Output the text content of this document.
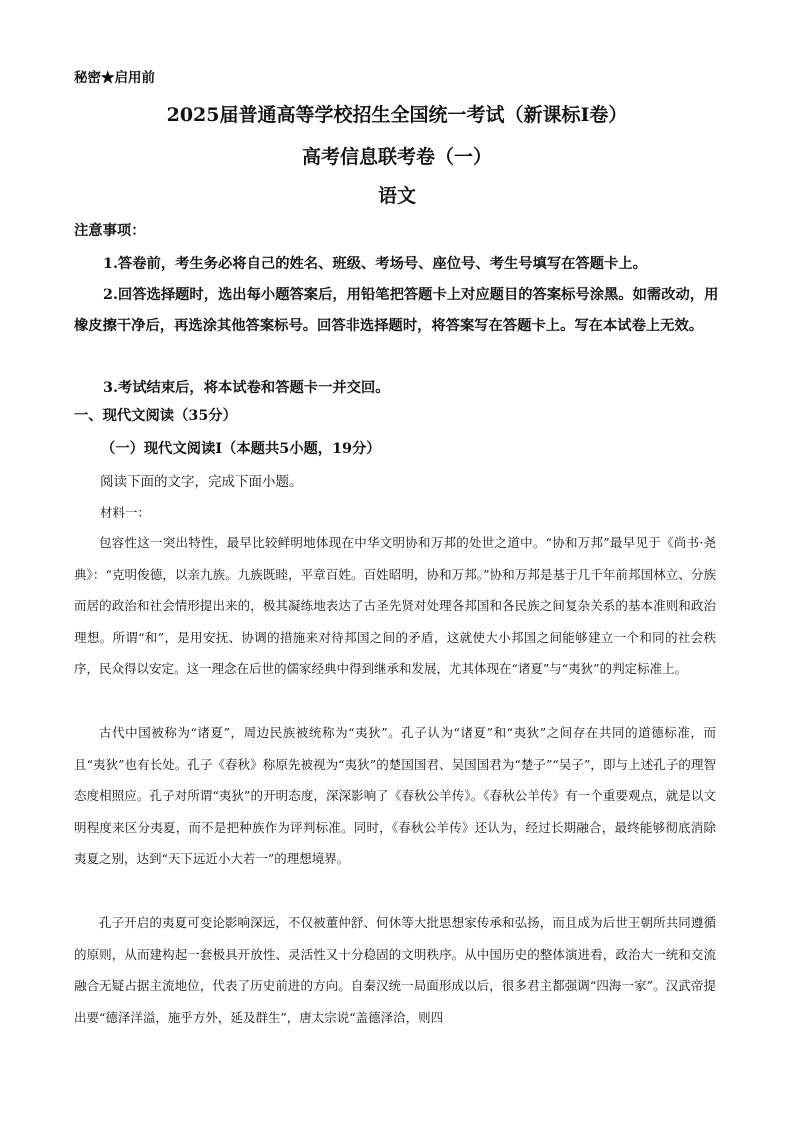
秘密★启用前
2025届普通高等学校招生全国统一考试（新课标Ⅰ卷）
高考信息联考卷（一）
语文
注意事项：

1.答卷前，考生务必将自己的姓名、班级、考场号、座位号、考生号填写在答题卡上。

2.回答选择题时，选出每小题答案后，用铅笔把答题卡上对应题目的答案标号涂黑。如需改动，用橡皮擦干净后，再选涂其他答案标号。回答非选择题时，将答案写在答题卡上。写在本试卷上无效。

3.考试结束后，将本试卷和答题卡一并交回。

一、现代文阅读（35分）
（一）现代文阅读Ⅰ（本题共5小题，19分）
阅读下面的文字，完成下面小题。
材料一：

包容性这一突出特性，最早比较鲜明地体现在中华文明协和万邦的处世之道中。“协和万邦”最早见于《尚书·尧典》：“克明俊德，以亲九族。九族既睦，平章百姓。百姓昭明，协和万邦。”协和万邦是基于几千年前邦国林立、分族而居的政治和社会情形提出来的，极其凝练地表达了古圣先贤对处理各邦国和各民族之间复杂关系的基本准则和政治理想。所谓“和”，是用安抚、协调的措施来对待邦国之间的矛盾，这就使大小邦国之间能够建立一个和同的社会秩序，民众得以安定。这一理念在后世的儒家经典中得到继承和发展，尤其体现在“诸夏”与“夷狄”的判定标准上。

古代中国被称为“诸夏”，周边民族被统称为“夷狄”。孔子认为“诸夏”和“夷狄”之间存在共同的道德标准，而且“夷狄”也有长处。孔子《春秋》称原先被视为“夷狄”的楚国国君、吴国国君为“楚子”“吴子”，即与上述孔子的理智态度相照应。孔子对所谓“夷狄”的开明态度，深深影响了《春秋公羊传》。《春秋公羊传》有一个重要观点，就是以文明程度来区分夷夏，而不是把种族作为评判标准。同时，《春秋公羊传》还认为，经过长期融合，最终能够彻底消除夷夏之别，达到“天下远近小大若一”的理想境界。

孔子开启的夷夏可变论影响深远，不仅被董仲舒、何休等大批思想家传承和弘扬，而且成为后世王朝所共同遵循的原则，从而建构起一套极具开放性、灵活性又十分稳固的文明秩序。从中国历史的整体演进看，政治大一统和交流融合无疑占据主流地位，代表了历史前进的方向。自秦汉统一局面形成以后，很多君主都强调“四海一家”。汉武帝提出要“德泽洋溢，施乎方外，延及群生”，唐太宗说“盖德泽洽，则四
